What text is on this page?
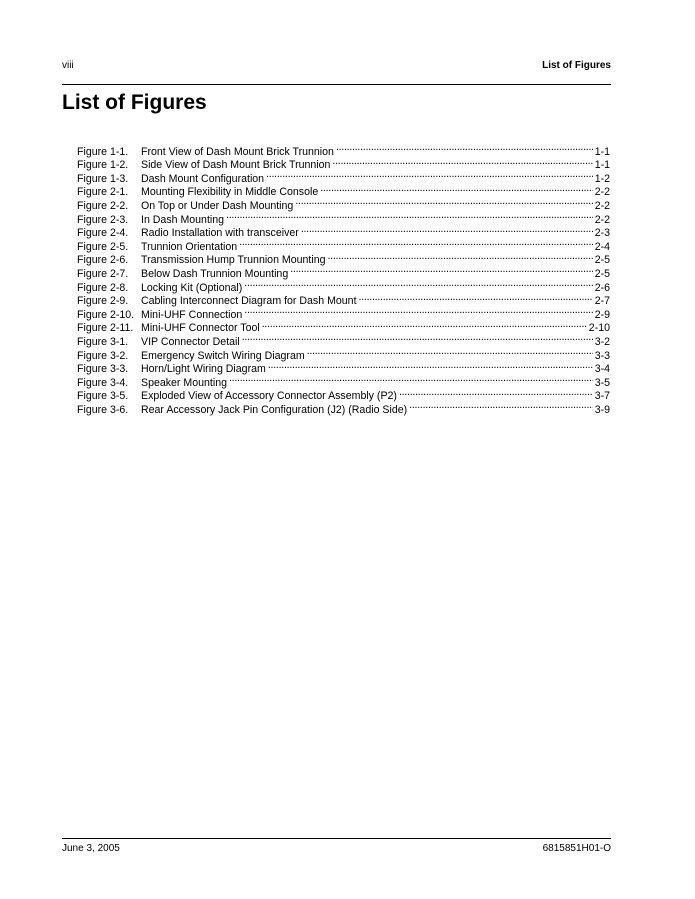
viii	List of Figures
List of Figures
Figure 1-1.	Front View of Dash Mount Brick Trunnion . . .	1-1
Figure 1-2.	Side View of Dash Mount Brick Trunnion . . .	1-1
Figure 1-3.	Dash Mount Configuration . . .	1-2
Figure 2-1.	Mounting Flexibility in Middle Console . . .	2-2
Figure 2-2.	On Top or Under Dash Mounting . . .	2-2
Figure 2-3.	In Dash Mounting . . .	2-2
Figure 2-4.	Radio Installation with transceiver . . .	2-3
Figure 2-5.	Trunnion Orientation . . .	2-4
Figure 2-6.	Transmission Hump Trunnion Mounting . . .	2-5
Figure 2-7.	Below Dash Trunnion Mounting . . .	2-5
Figure 2-8.	Locking Kit (Optional) . . .	2-6
Figure 2-9.	Cabling Interconnect Diagram for Dash Mount . . .	2-7
Figure 2-10. Mini-UHF Connection . . .	2-9
Figure 2-11. Mini-UHF Connector Tool . . .	2-10
Figure 3-1.	VIP Connector Detail . . .	3-2
Figure 3-2.	Emergency Switch Wiring Diagram . . .	3-3
Figure 3-3.	Horn/Light Wiring Diagram . . .	3-4
Figure 3-4.	Speaker Mounting . . .	3-5
Figure 3-5.	Exploded View of Accessory Connector Assembly (P2) . . .	3-7
Figure 3-6.	Rear Accessory Jack Pin Configuration (J2) (Radio Side) . . .	3-9
June 3, 2005	6815851H01-O
